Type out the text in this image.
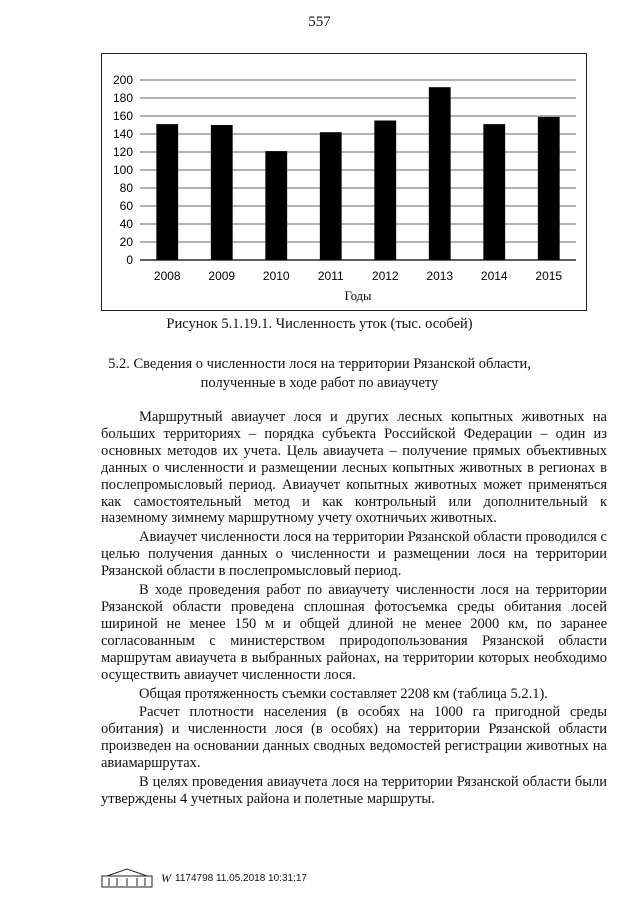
557
0
20
40
60
80
100
120
140
160
180
200
2008 2009 2010 2011 2012 2013 2014 2015
Годы
Рисунок 5.1.19.1. Численность уток (тыс. особей)
5.2. Сведения о численности лося на территории Рязанской области,
полученные в ходе работ по авиаучету

Маршрутный авиаучет лося и других лесных копытных животных на больших территориях – порядка субъекта Российской Федерации – один из основных методов их учета. Цель авиаучета – получение прямых объективных данных о численности и размещении лесных копытных животных в регионах в послепромысловый период. Авиаучет копытных животных может применяться как самостоятельный метод и как контрольный или дополнительный к наземному зимнему маршрутному учету охотничьих животных.

Авиаучет численности лося на территории Рязанской области проводился с целью получения данных о численности и размещении лося на территории Рязанской области в послепромысловый период.

В ходе проведения работ по авиаучету численности лося на территории Рязанской области проведена сплошная фотосъемка среды обитания лосей шириной не менее 150 м и общей длиной не менее 2000 км, по заранее согласованным с министерством природопользования Рязанской области маршрутам авиаучета в выбранных районах, на территории которых необходимо осуществить авиаучет численности лося.

Общая протяженность съемки составляет 2208 км (таблица 5.2.1).

Расчет плотности населения (в особях на 1000 га пригодной среды обитания) и численности лося (в особях) на территории Рязанской области произведен на основании данных сводных ведомостей регистрации животных на авиамаршрутах.

В целях проведения авиаучета лося на территории Рязанской области были утверждены 4 учетных района и полетные маршруты.

W 1174798 11.05.2018 10:31:17
